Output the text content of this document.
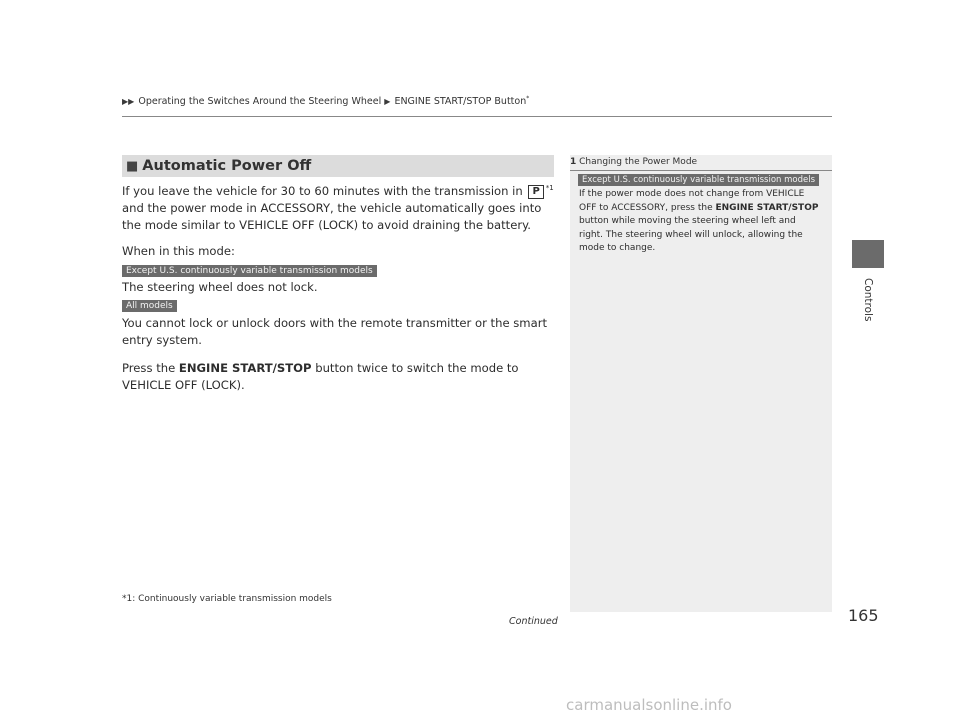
▶▶ Operating the Switches Around the Steering Wheel ▶ ENGINE START/STOP Button*
Controls
■ Automatic Power Off
If you leave the vehicle for 30 to 60 minutes with the transmission in P $^{*1}$ and the power mode in ACCESSORY, the vehicle automatically goes into the mode similar to VEHICLE OFF (LOCK) to avoid draining the battery.
When in this mode:
Except U.S. continuously variable transmission models
The steering wheel does not lock.
All models
You cannot lock or unlock doors with the remote transmitter or the smart entry system.
Press the ENGINE START/STOP button twice to switch the mode to VEHICLE OFF (LOCK).
*1: Continuously variable transmission models
Continued	165
1 Changing the Power Mode
Except U.S. continuously variable transmission models
If the power mode does not change from VEHICLE OFF to ACCESSORY, press the ENGINE START/STOP button while moving the steering wheel left and right. The steering wheel will unlock, allowing the mode to change.
carmanualsonline.info
